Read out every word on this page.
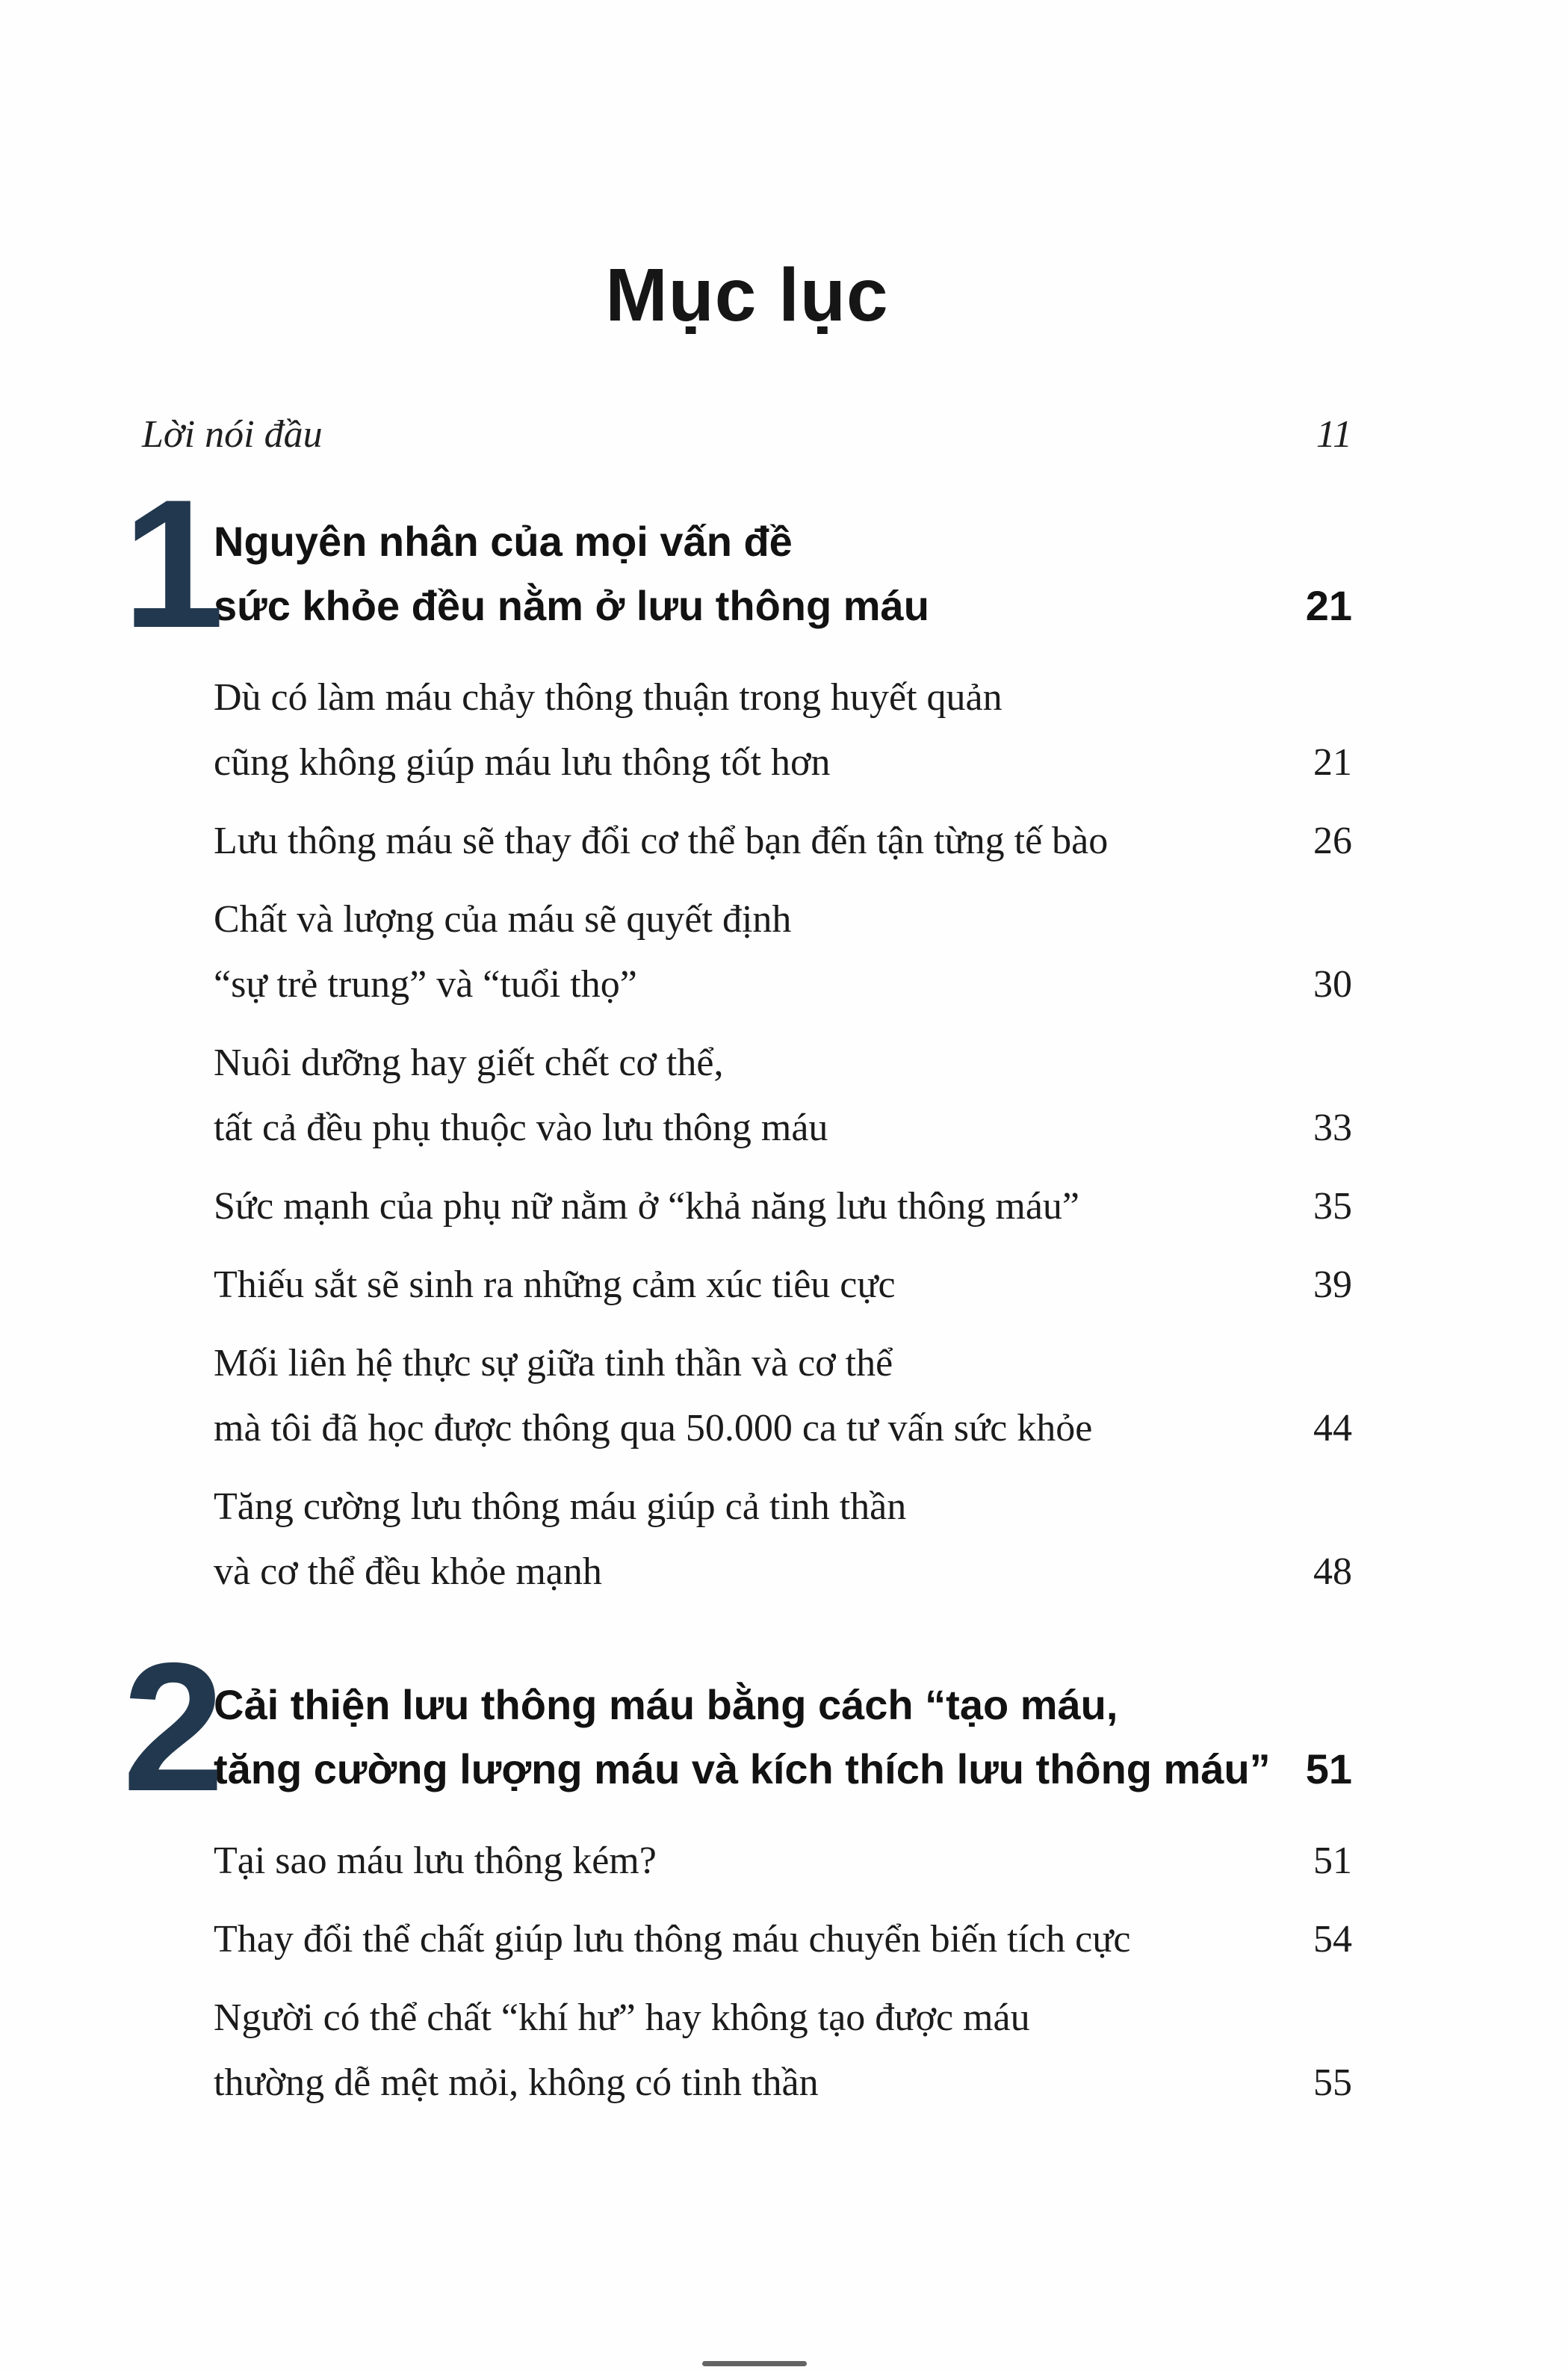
Mục lục
Lời nói đầu	11
1
Nguyên nhân của mọi vấn đề
sức khỏe đều nằm ở lưu thông máu	21
Dù có làm máu chảy thông thuận trong huyết quản
cũng không giúp máu lưu thông tốt hơn	21
Lưu thông máu sẽ thay đổi cơ thể bạn đến tận từng tế bào	26
Chất và lượng của máu sẽ quyết định
“sự trẻ trung” và “tuổi thọ”	30
Nuôi dưỡng hay giết chết cơ thể,
tất cả đều phụ thuộc vào lưu thông máu	33
Sức mạnh của phụ nữ nằm ở “khả năng lưu thông máu”	35
Thiếu sắt sẽ sinh ra những cảm xúc tiêu cực	39
Mối liên hệ thực sự giữa tinh thần và cơ thể
mà tôi đã học được thông qua 50.000 ca tư vấn sức khỏe	44
Tăng cường lưu thông máu giúp cả tinh thần
và cơ thể đều khỏe mạnh	48
2
Cải thiện lưu thông máu bằng cách “tạo máu,
tăng cường lượng máu và kích thích lưu thông máu” 51
Tại sao máu lưu thông kém?	51
Thay đổi thể chất giúp lưu thông máu chuyển biến tích cực	54
Người có thể chất “khí hư” hay không tạo được máu
thường dễ mệt mỏi, không có tinh thần	55
